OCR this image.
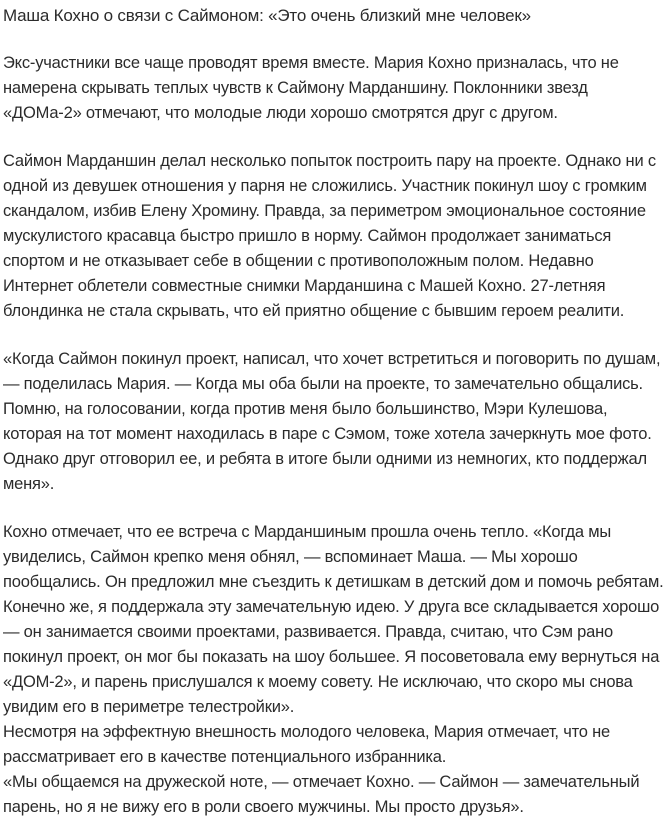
Маша Кохно о связи с Саймоном: «Это очень близкий мне человек»

Экс-участники все чаще проводят время вместе. Мария Кохно призналась, что не намерена скрывать теплых чувств к Саймону Марданшину. Поклонники звезд «ДОМа-2» отмечают, что молодые люди хорошо смотрятся друг с другом.

Саймон Марданшин делал несколько попыток построить пару на проекте. Однако ни с одной из девушек отношения у парня не сложились. Участник покинул шоу с громким скандалом, избив Елену Хромину. Правда, за периметром эмоциональное состояние мускулистого красавца быстро пришло в норму. Саймон продолжает заниматься спортом и не отказывает себе в общении с противоположным полом. Недавно Интернет облетели совместные снимки Марданшина с Машей Кохно. 27-летняя блондинка не стала скрывать, что ей приятно общение с бывшим героем реалити.

«Когда Саймон покинул проект, написал, что хочет встретиться и поговорить по душам, — поделилась Мария. — Когда мы оба были на проекте, то замечательно общались. Помню, на голосовании, когда против меня было большинство, Мэри Кулешова, которая на тот момент находилась в паре с Сэмом, тоже хотела зачеркнуть мое фото. Однако друг отговорил ее, и ребята в итоге были одними из немногих, кто поддержал меня».

Кохно отмечает, что ее встреча с Марданшиным прошла очень тепло. «Когда мы увиделись, Саймон крепко меня обнял, — вспоминает Маша. — Мы хорошо пообщались. Он предложил мне съездить к детишкам в детский дом и помочь ребятам. Конечно же, я поддержала эту замечательную идею. У друга все складывается хорошо — он занимается своими проектами, развивается. Правда, считаю, что Сэм рано покинул проект, он мог бы показать на шоу большее. Я посоветовала ему вернуться на «ДОМ-2», и парень прислушался к моему совету. Не исключаю, что скоро мы снова увидим его в периметре телестройки».

Несмотря на эффектную внешность молодого человека, Мария отмечает, что не рассматривает его в качестве потенциального избранника.

«Мы общаемся на дружеской ноте, — отмечает Кохно. — Саймон — замечательный парень, но я не вижу его в роли своего мужчины. Мы просто друзья».
